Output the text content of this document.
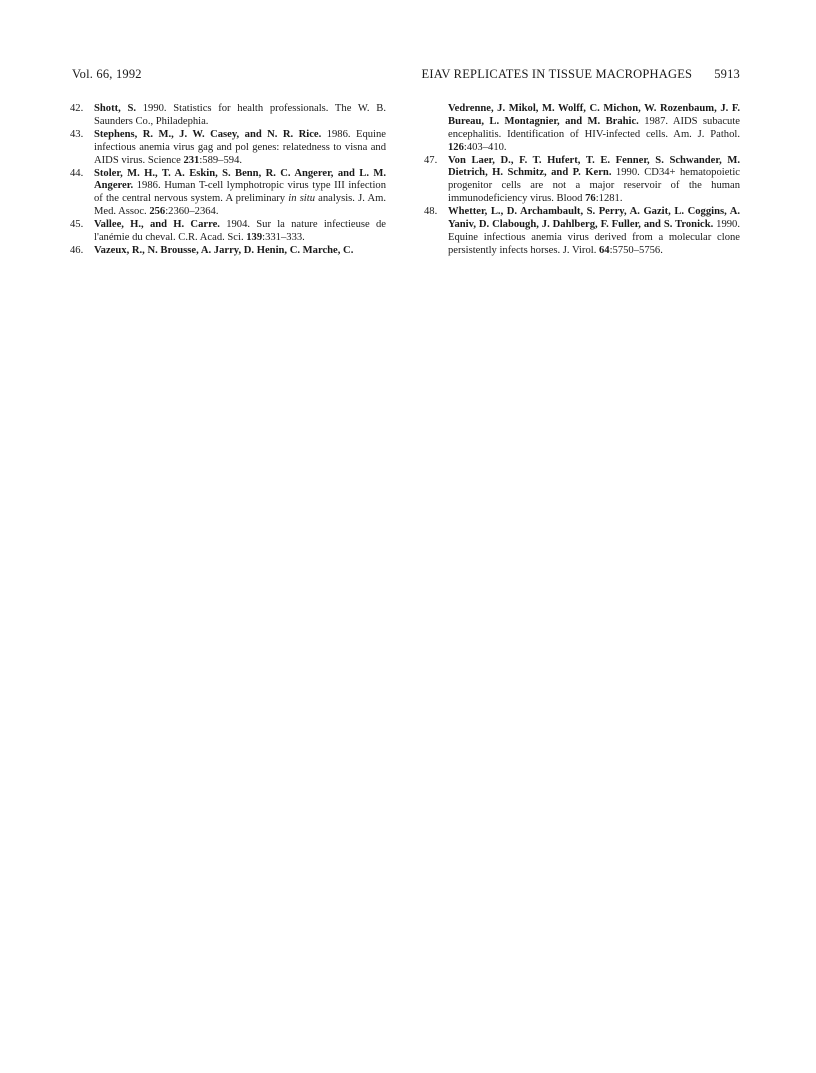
Vol. 66, 1992	EIAV REPLICATES IN TISSUE MACROPHAGES 5913

42. Shott, S. 1990. Statistics for health professionals. The W. B. Saunders Co., Philadephia.

43. Stephens, R. M., J. W. Casey, and N. R. Rice. 1986. Equine infectious anemia virus gag and pol genes: relatedness to visna and AIDS virus. Science 231:589–594.

44. Stoler, M. H., T. A. Eskin, S. Benn, R. C. Angerer, and L. M. Angerer. 1986. Human T-cell lymphotropic virus type III infection of the central nervous system. A preliminary in situ analysis. J. Am. Med. Assoc. 256:2360–2364.

45. Vallee, H., and H. Carre. 1904. Sur la nature infectieuse de l'anémie du cheval. C.R. Acad. Sci. 139:331–333.

46. Vazeux, R., N. Brousse, A. Jarry, D. Henin, C. Marche, C.

Vedrenne, J. Mikol, M. Wolff, C. Michon, W. Rozenbaum, J. F. Bureau, L. Montagnier, and M. Brahic. 1987. AIDS subacute encephalitis. Identification of HIV-infected cells. Am. J. Pathol. 126:403–410.

47. Von Laer, D., F. T. Hufert, T. E. Fenner, S. Schwander, M. Dietrich, H. Schmitz, and P. Kern. 1990. CD34+ hematopoietic progenitor cells are not a major reservoir of the human immunodeficiency virus. Blood 76:1281.

48. Whetter, L., D. Archambault, S. Perry, A. Gazit, L. Coggins, A. Yaniv, D. Clabough, J. Dahlberg, F. Fuller, and S. Tronick. 1990. Equine infectious anemia virus derived from a molecular clone persistently infects horses. J. Virol. 64:5750–5756.
